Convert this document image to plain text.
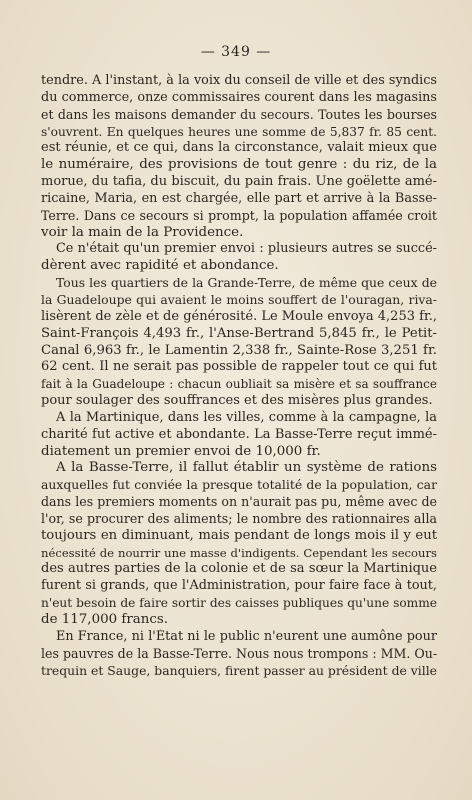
— 349 —
tendre. A l'instant, à la voix du conseil de ville et des syndics
du commerce, onze commissaires courent dans les magasins
et dans les maisons demander du secours. Toutes les bourses
s'ouvrent. En quelques heures une somme de 5,837 fr. 85 cent.
est réunie, et ce qui, dans la circonstance, valait mieux que
le numéraire, des provisions de tout genre : du riz, de la
morue, du tafia, du biscuit, du pain frais. Une goëlette amé-
ricaine, Maria, en est chargée, elle part et arrive à la Basse-
Terre. Dans ce secours si prompt, la population affamée croit
voir la main de la Providence.
Ce n'était qu'un premier envoi : plusieurs autres se succé-
dèrent avec rapidité et abondance.
Tous les quartiers de la Grande-Terre, de même que ceux de
la Guadeloupe qui avaient le moins souffert de l'ouragan, riva-
lisèrent de zèle et de générosité. Le Moule envoya 4,253 fr.,
Saint-François 4,493 fr., l'Anse-Bertrand 5,845 fr., le Petit-
Canal 6,963 fr., le Lamentin 2,338 fr., Sainte-Rose 3,251 fr.
62 cent. Il ne serait pas possible de rappeler tout ce qui fut
fait à la Guadeloupe : chacun oubliait sa misère et sa souffrance
pour soulager des souffrances et des misères plus grandes.
A la Martinique, dans les villes, comme à la campagne, la
charité fut active et abondante. La Basse-Terre reçut immé-
diatement un premier envoi de 10,000 fr.
A la Basse-Terre, il fallut établir un système de rations
auxquelles fut conviée la presque totalité de la population, car
dans les premiers moments on n'aurait pas pu, même avec de
l'or, se procurer des aliments; le nombre des rationnaires alla
toujours en diminuant, mais pendant de longs mois il y eut
nécessité de nourrir une masse d'indigents. Cependant les secours
des autres parties de la colonie et de sa sœur la Martinique
furent si grands, que l'Administration, pour faire face à tout,
n'eut besoin de faire sortir des caisses publiques qu'une somme
de 117,000 francs.
En France, ni l'État ni le public n'eurent une aumône pour
les pauvres de la Basse-Terre. Nous nous trompons : MM. Ou-
trequin et Sauge, banquiers, firent passer au président de ville
